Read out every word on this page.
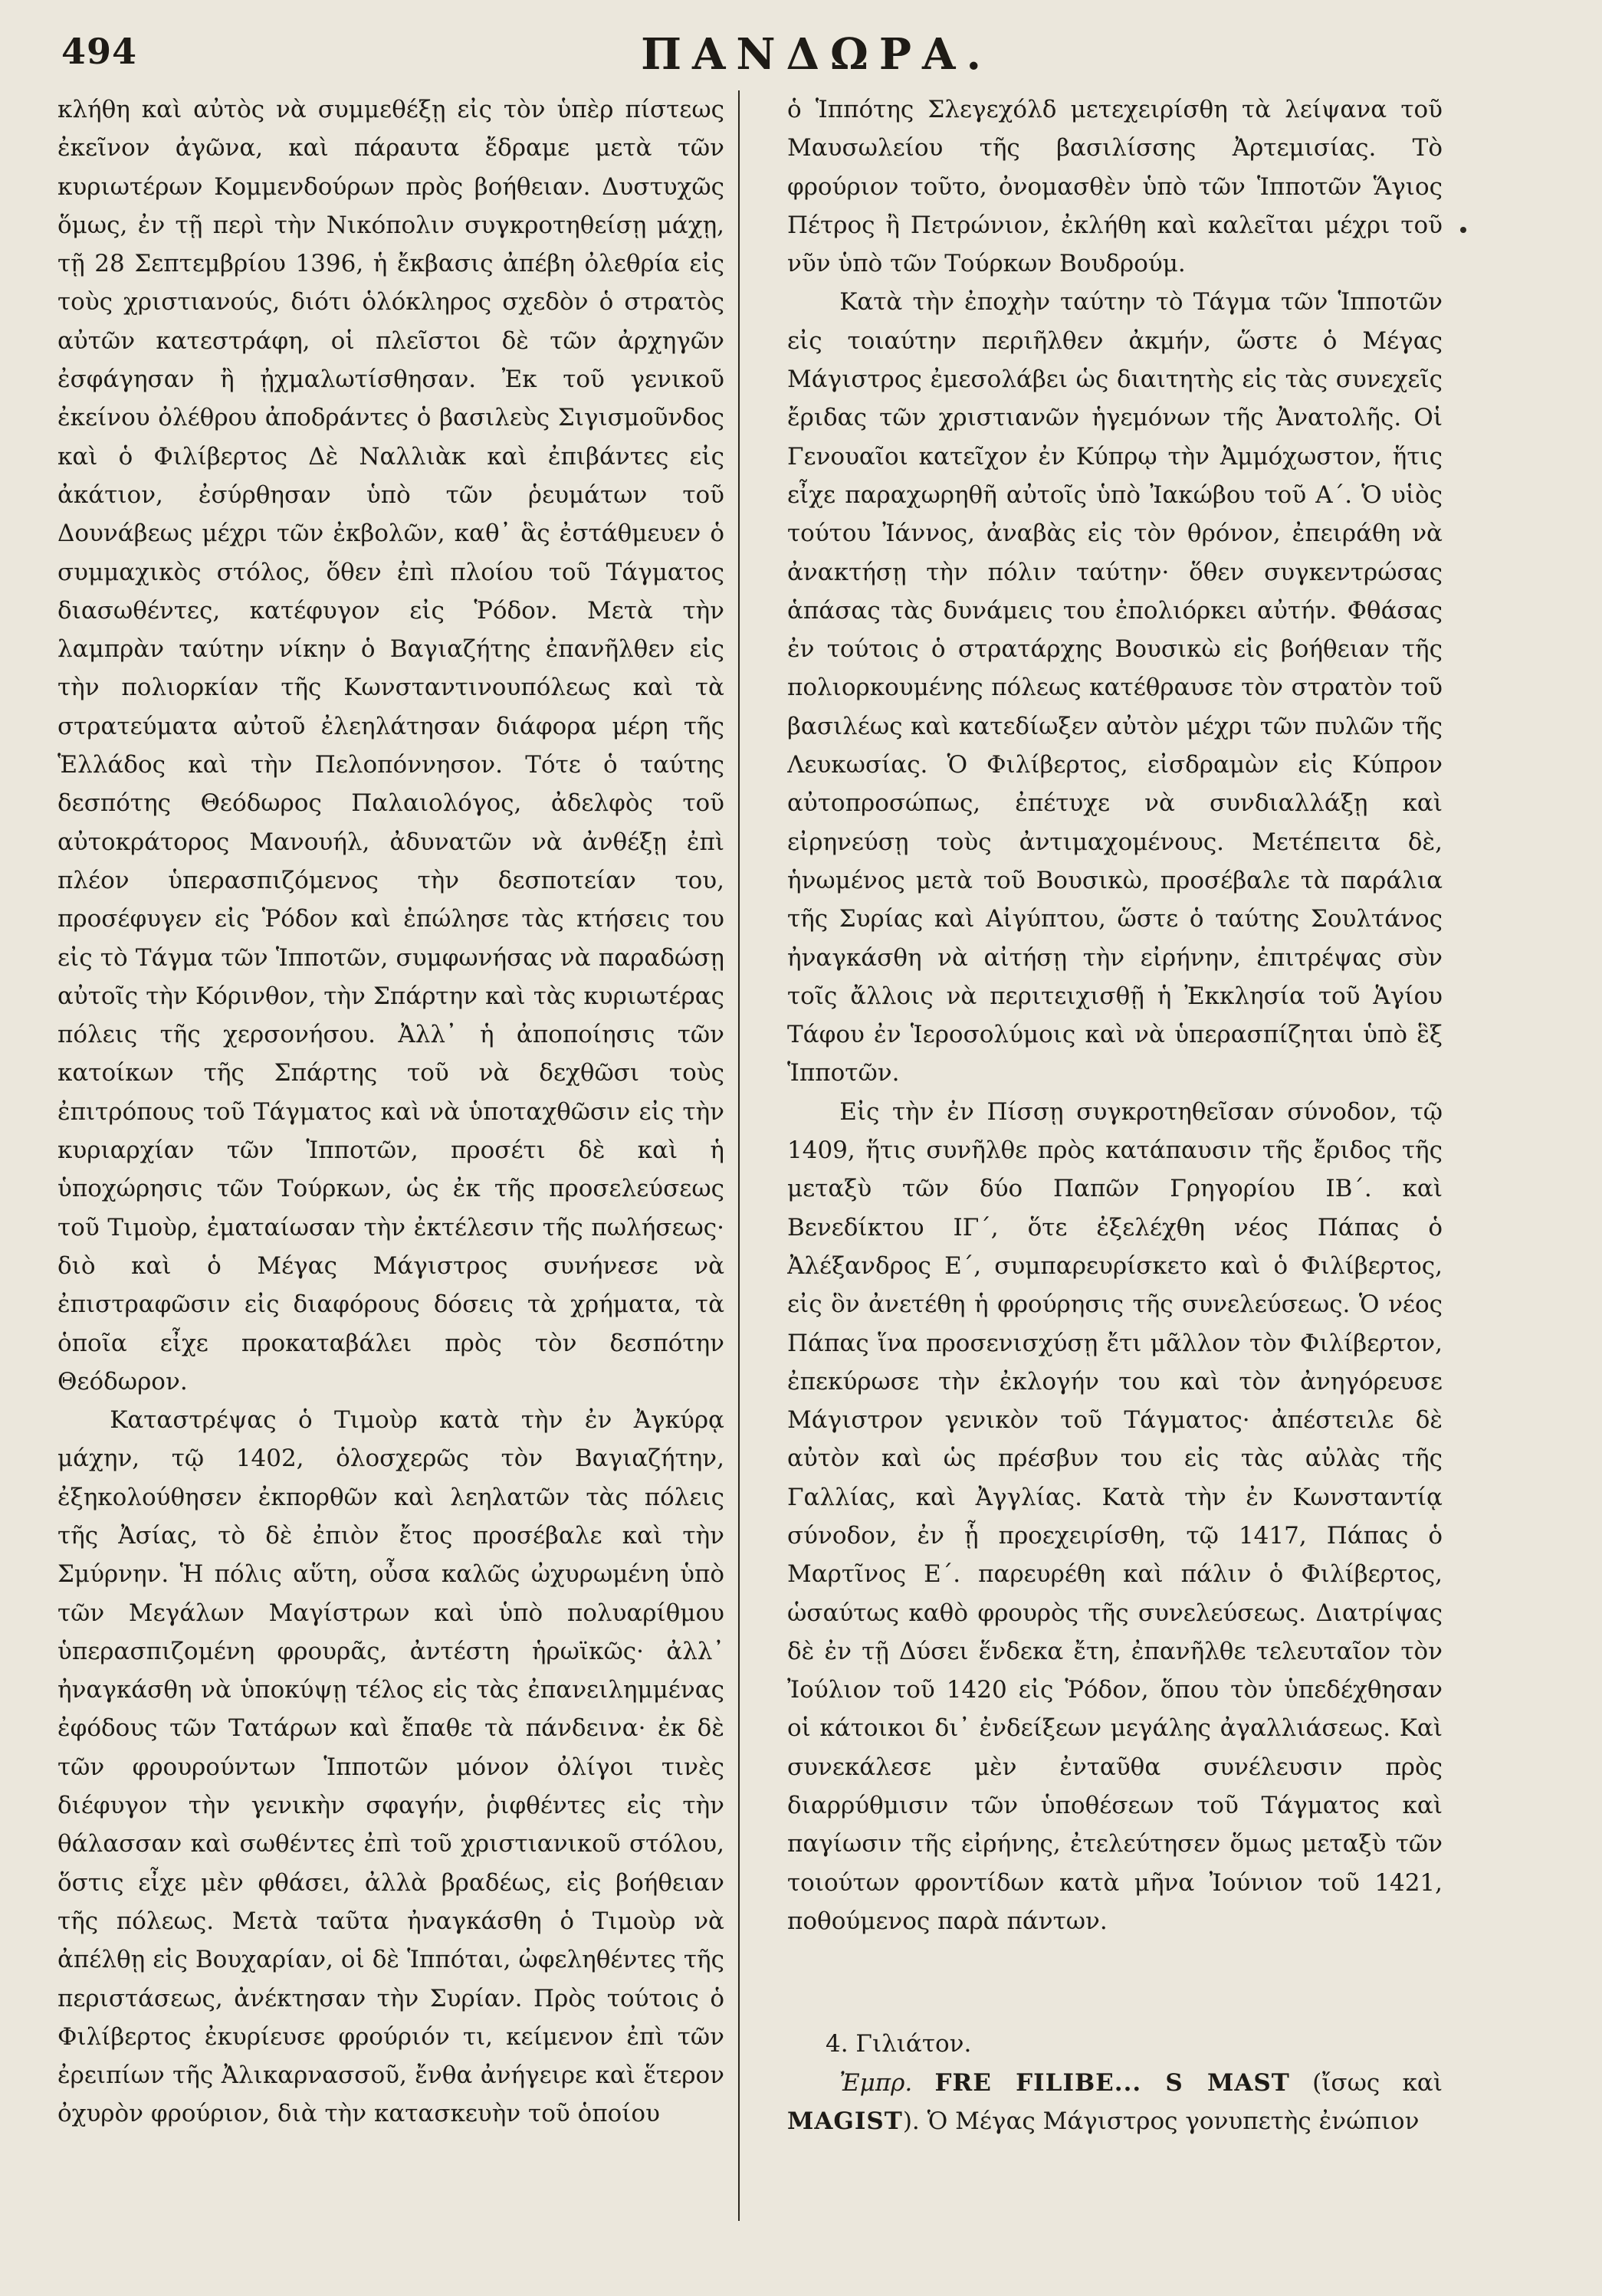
494	ΠΑΝΔΩΡΑ.

κλήθη καὶ αὐτὸς νὰ συμμεθέξῃ εἰς τὸν ὑπὲρ πίστεως ἐκεῖνον ἀγῶνα, καὶ πάραυτα ἔδραμε μετὰ τῶν κυριωτέρων Κομμενδούρων πρὸς βοήθειαν. Δυστυχῶς ὅμως, ἐν τῇ περὶ τὴν Νικόπολιν συγκροτηθείσῃ μάχῃ, τῇ 28 Σεπτεμβρίου 1396, ἡ ἔκβασις ἀπέβη ὀλεθρία εἰς τοὺς χριστιανούς, διότι ὁλόκληρος σχεδὸν ὁ στρατὸς αὐτῶν κατεστράφη, οἱ πλεῖστοι δὲ τῶν ἀρχηγῶν ἐσφάγησαν ἢ ᾐχμαλωτίσθησαν. Ἐκ τοῦ γενικοῦ ἐκείνου ὀλέθρου ἀποδράντες ὁ βασιλεὺς Σιγισμοῦνδος καὶ ὁ Φιλίβερτος Δὲ Ναλλιὰκ καὶ ἐπιβάντες εἰς ἀκάτιον, ἐσύρθησαν ὑπὸ τῶν ῥευμάτων τοῦ Δουνάβεως μέχρι τῶν ἐκβολῶν, καθ᾽ ἃς ἐστάθμευεν ὁ συμμαχικὸς στόλος, ὅθεν ἐπὶ πλοίου τοῦ Τάγματος διασωθέντες, κατέφυγον εἰς Ῥόδον. Μετὰ τὴν λαμπρὰν ταύτην νίκην ὁ Βαγιαζήτης ἐπανῆλθεν εἰς τὴν πολιορκίαν τῆς Κωνσταντινουπόλεως καὶ τὰ στρατεύματα αὐτοῦ ἐλεηλάτησαν διάφορα μέρη τῆς Ἑλλάδος καὶ τὴν Πελοπόννησον. Τότε ὁ ταύτης δεσπότης Θεόδωρος Παλαιολόγος, ἀδελφὸς τοῦ αὐτοκράτορος Μανουήλ, ἀδυνατῶν νὰ ἀνθέξῃ ἐπὶ πλέον ὑπερασπιζόμενος τὴν δεσποτείαν του, προσέφυγεν εἰς Ῥόδον καὶ ἐπώλησε τὰς κτήσεις του εἰς τὸ Τάγμα τῶν Ἱπποτῶν, συμφωνήσας νὰ παραδώσῃ αὐτοῖς τὴν Κόρινθον, τὴν Σπάρτην καὶ τὰς κυριωτέρας πόλεις τῆς χερσονήσου. Ἀλλ᾽ ἡ ἀποποίησις τῶν κατοίκων τῆς Σπάρτης τοῦ νὰ δεχθῶσι τοὺς ἐπιτρόπους τοῦ Τάγματος καὶ νὰ ὑποταχθῶσιν εἰς τὴν κυριαρχίαν τῶν Ἱπποτῶν, προσέτι δὲ καὶ ἡ ὑποχώρησις τῶν Τούρκων, ὡς ἐκ τῆς προσελεύσεως τοῦ Τιμοὺρ, ἐματαίωσαν τὴν ἐκτέλεσιν τῆς πωλήσεως· διὸ καὶ ὁ Μέγας Μάγιστρος συνήνεσε νὰ ἐπιστραφῶσιν εἰς διαφόρους δόσεις τὰ χρήματα, τὰ ὁποῖα εἶχε προκαταβάλει πρὸς τὸν δεσπότην Θεόδωρον.

Καταστρέψας ὁ Τιμοὺρ κατὰ τὴν ἐν Ἀγκύρᾳ μάχην, τῷ 1402, ὁλοσχερῶς τὸν Βαγιαζήτην, ἐξηκολούθησεν ἐκπορθῶν καὶ λεηλατῶν τὰς πόλεις τῆς Ἀσίας, τὸ δὲ ἐπιὸν ἔτος προσέβαλε καὶ τὴν Σμύρνην. Ἡ πόλις αὕτη, οὖσα καλῶς ὠχυρωμένη ὑπὸ τῶν Μεγάλων Μαγίστρων καὶ ὑπὸ πολυαρίθμου ὑπερασπιζομένη φρουρᾶς, ἀντέστη ἡρωϊκῶς· ἀλλ᾽ ἠναγκάσθη νὰ ὑποκύψῃ τέλος εἰς τὰς ἐπανειλημμένας ἐφόδους τῶν Τατάρων καὶ ἔπαθε τὰ πάνδεινα· ἐκ δὲ τῶν φρουρούντων Ἱπποτῶν μόνον ὀλίγοι τινὲς διέφυγον τὴν γενικὴν σφαγήν, ῥιφθέντες εἰς τὴν θάλασσαν καὶ σωθέντες ἐπὶ τοῦ χριστιανικοῦ στόλου, ὅστις εἶχε μὲν φθάσει, ἀλλὰ βραδέως, εἰς βοήθειαν τῆς πόλεως. Μετὰ ταῦτα ἠναγκάσθη ὁ Τιμοὺρ νὰ ἀπέλθῃ εἰς Βουχαρίαν, οἱ δὲ Ἱππόται, ὠφεληθέντες τῆς περιστάσεως, ἀνέκτησαν τὴν Συρίαν. Πρὸς τούτοις ὁ Φιλίβερτος ἐκυρίευσε φρούριόν τι, κείμενον ἐπὶ τῶν ἐρειπίων τῆς Ἀλικαρνασσοῦ, ἔνθα ἀνήγειρε καὶ ἕτερον ὀχυρὸν φρούριον, διὰ τὴν κατασκευὴν τοῦ ὁποίου

ὁ Ἱππότης Σλεγεχόλδ μετεχειρίσθη τὰ λείψανα τοῦ Μαυσωλείου τῆς βασιλίσσης Ἀρτεμισίας. Τὸ φρούριον τοῦτο, ὀνομασθὲν ὑπὸ τῶν Ἱπποτῶν Ἅγιος Πέτρος ἢ Πετρώνιον, ἐκλήθη καὶ καλεῖται μέχρι τοῦ νῦν ὑπὸ τῶν Τούρκων Βουδρούμ.

Κατὰ τὴν ἐποχὴν ταύτην τὸ Τάγμα τῶν Ἱπποτῶν εἰς τοιαύτην περιῆλθεν ἀκμήν, ὥστε ὁ Μέγας Μάγιστρος ἐμεσολάβει ὡς διαιτητὴς εἰς τὰς συνεχεῖς ἔριδας τῶν χριστιανῶν ἡγεμόνων τῆς Ἀνατολῆς. Οἱ Γενουαῖοι κατεῖχον ἐν Κύπρῳ τὴν Ἀμμόχωστον, ἥτις εἶχε παραχωρηθῆ αὐτοῖς ὑπὸ Ἰακώβου τοῦ Α΄. Ὁ υἱὸς τούτου Ἰάννος, ἀναβὰς εἰς τὸν θρόνον, ἐπειράθη νὰ ἀνακτήσῃ τὴν πόλιν ταύτην· ὅθεν συγκεντρώσας ἁπάσας τὰς δυνάμεις του ἐπολιόρκει αὐτήν. Φθάσας ἐν τούτοις ὁ στρατάρχης Βουσικὼ εἰς βοήθειαν τῆς πολιορκουμένης πόλεως κατέθραυσε τὸν στρατὸν τοῦ βασιλέως καὶ κατεδίωξεν αὐτὸν μέχρι τῶν πυλῶν τῆς Λευκωσίας. Ὁ Φιλίβερτος, εἰσδραμὼν εἰς Κύπρον αὐτοπροσώπως, ἐπέτυχε νὰ συνδιαλλάξῃ καὶ εἰρηνεύσῃ τοὺς ἀντιμαχομένους. Μετέπειτα δὲ, ἡνωμένος μετὰ τοῦ Βουσικὼ, προσέβαλε τὰ παράλια τῆς Συρίας καὶ Αἰγύπτου, ὥστε ὁ ταύτης Σουλτάνος ἠναγκάσθη νὰ αἰτήσῃ τὴν εἰρήνην, ἐπιτρέψας σὺν τοῖς ἄλλοις νὰ περιτειχισθῇ ἡ Ἐκκλησία τοῦ Ἁγίου Τάφου ἐν Ἱεροσολύμοις καὶ νὰ ὑπερασπίζηται ὑπὸ ἓξ Ἱπποτῶν.

Εἰς τὴν ἐν Πίσσῃ συγκροτηθεῖσαν σύνοδον, τῷ 1409, ἥτις συνῆλθε πρὸς κατάπαυσιν τῆς ἔριδος τῆς μεταξὺ τῶν δύο Παπῶν Γρηγορίου ΙΒ΄. καὶ Βενεδίκτου ΙΓ΄, ὅτε ἐξελέχθη νέος Πάπας ὁ Ἀλέξανδρος Ε΄, συμπαρευρίσκετο καὶ ὁ Φιλίβερτος, εἰς ὃν ἀνετέθη ἡ φρούρησις τῆς συνελεύσεως. Ὁ νέος Πάπας ἵνα προσενισχύσῃ ἔτι μᾶλλον τὸν Φιλίβερτον, ἐπεκύρωσε τὴν ἐκλογήν του καὶ τὸν ἀνηγόρευσε Μάγιστρον γενικὸν τοῦ Τάγματος· ἀπέστειλε δὲ αὐτὸν καὶ ὡς πρέσβυν του εἰς τὰς αὐλὰς τῆς Γαλλίας, καὶ Ἀγγλίας. Κατὰ τὴν ἐν Κωνσταντίᾳ σύνοδον, ἐν ᾗ προεχειρίσθη, τῷ 1417, Πάπας ὁ Μαρτῖνος Ε΄. παρευρέθη καὶ πάλιν ὁ Φιλίβερτος, ὡσαύτως καθὸ φρουρὸς τῆς συνελεύσεως. Διατρίψας δὲ ἐν τῇ Δύσει ἕνδεκα ἔτη, ἐπανῆλθε τελευταῖον τὸν Ἰούλιον τοῦ 1420 εἰς Ῥόδον, ὅπου τὸν ὑπεδέχθησαν οἱ κάτοικοι δι᾽ ἐνδείξεων μεγάλης ἀγαλλιάσεως. Καὶ συνεκάλεσε μὲν ἐνταῦθα συνέλευσιν πρὸς διαρρύθμισιν τῶν ὑποθέσεων τοῦ Τάγματος καὶ παγίωσιν τῆς εἰρήνης, ἐτελεύτησεν ὅμως μεταξὺ τῶν τοιούτων φροντίδων κατὰ μῆνα Ἰούνιον τοῦ 1421, ποθούμενος παρὰ πάντων.

4. Γιλιάτον.

Ἐμπρ. FRE FILIBE... S MAST (ἴσως καὶ MAGIST). Ὁ Μέγας Μάγιστρος γονυπετὴς ἐνώπιον
